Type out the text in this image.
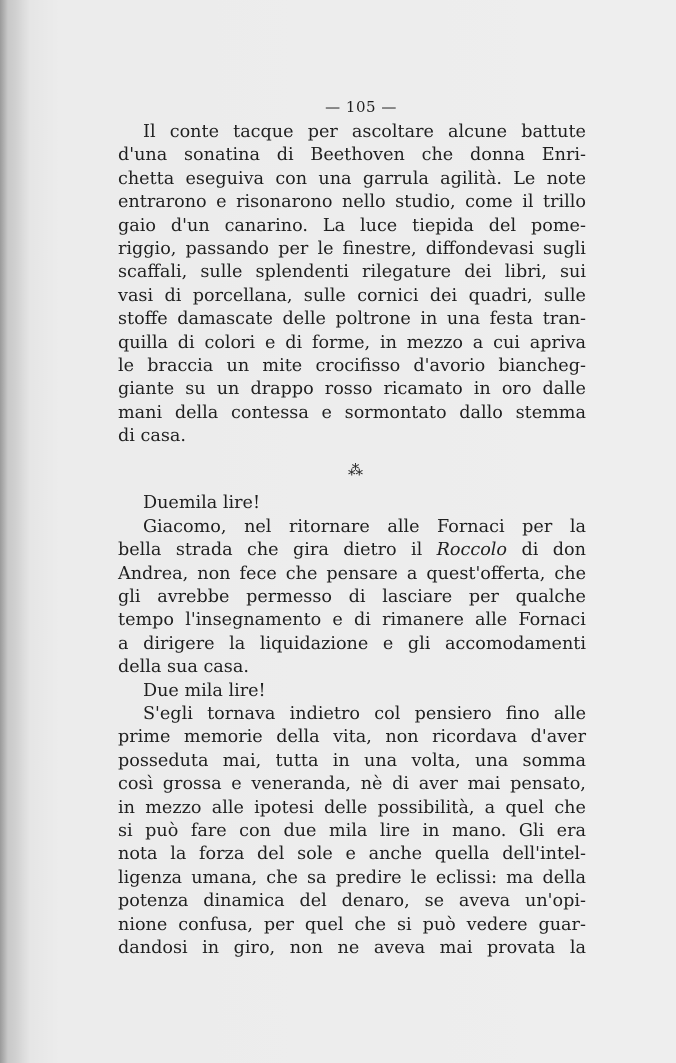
— 105 —
Il conte tacque per ascoltare alcune battute
d'una sonatina di Beethoven che donna Enri-
chetta eseguiva con una garrula agilità. Le note
entrarono e risonarono nello studio, come il trillo
gaio d'un canarino. La luce tiepida del pome-
riggio, passando per le finestre, diffondevasi sugli
scaffali, sulle splendenti rilegature dei libri, sui
vasi di porcellana, sulle cornici dei quadri, sulle
stoffe damascate delle poltrone in una festa tran-
quilla di colori e di forme, in mezzo a cui apriva
le braccia un mite crocifisso d'avorio biancheg-
giante su un drappo rosso ricamato in oro dalle
mani della contessa e sormontato dallo stemma
di casa.
⁂
Duemila lire!
Giacomo, nel ritornare alle Fornaci per la
bella strada che gira dietro il Roccolo di don
Andrea, non fece che pensare a quest'offerta, che
gli avrebbe permesso di lasciare per qualche
tempo l'insegnamento e di rimanere alle Fornaci
a dirigere la liquidazione e gli accomodamenti
della sua casa.
Due mila lire!
S'egli tornava indietro col pensiero fino alle
prime memorie della vita, non ricordava d'aver
posseduta mai, tutta in una volta, una somma
così grossa e veneranda, nè di aver mai pensato,
in mezzo alle ipotesi delle possibilità, a quel che
si può fare con due mila lire in mano. Gli era
nota la forza del sole e anche quella dell'intel-
ligenza umana, che sa predire le eclissi: ma della
potenza dinamica del denaro, se aveva un'opi-
nione confusa, per quel che si può vedere guar-
dandosi in giro, non ne aveva mai provata la
